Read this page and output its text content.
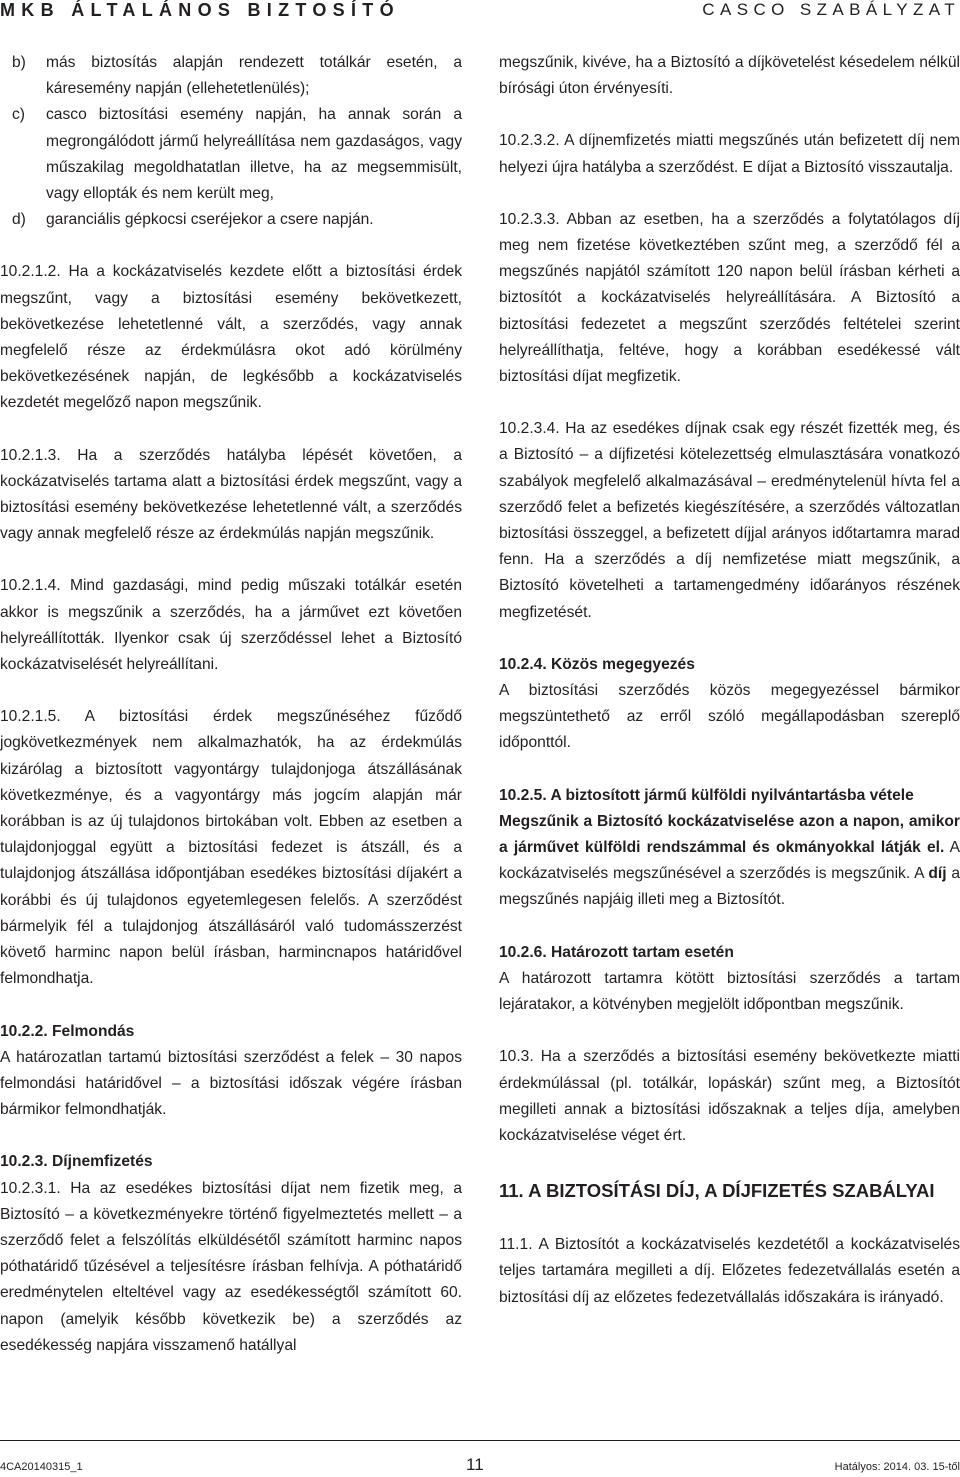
MKB ÁLTALÁNOS BIZTOSÍTÓ	CASCO SZABÁLYZAT
b)	más biztosítás alapján rendezett totálkár esetén, a káresemény napján (ellehetetlenülés);
c)	casco biztosítási esemény napján, ha annak során a megrongálódott jármű helyreállítása nem gazdaságos, vagy műszakilag megoldhatatlan illetve, ha az megsemmisült, vagy ellopták és nem került meg,
d)	garanciális gépkocsi cseréjekor a csere napján.

10.2.1.2. Ha a kockázatviselés kezdete előtt a biztosítási érdek megszűnt, vagy a biztosítási esemény bekövetkezett, bekövetkezése lehetetlenné vált, a szerződés, vagy annak megfelelő része az érdekmúlásra okot adó körülmény bekövetkezésének napján, de legkésőbb a kockázatviselés kezdetét megelőző napon megszűnik.

10.2.1.3. Ha a szerződés hatályba lépését követően, a kockázatviselés tartama alatt a biztosítási érdek megszűnt, vagy a biztosítási esemény bekövetkezése lehetetlenné vált, a szerződés vagy annak megfelelő része az érdekmúlás napján megszűnik.

10.2.1.4. Mind gazdasági, mind pedig műszaki totálkár esetén akkor is megszűnik a szerződés, ha a járművet ezt követően helyreállították. Ilyenkor csak új szerződéssel lehet a Biztosító kockázatviselését helyreállítani.

10.2.1.5. A biztosítási érdek megszűnéséhez fűződő jogkövetkezmények nem alkalmazhatók, ha az érdekmúlás kizárólag a biztosított vagyontárgy tulajdonjoga átszállásának következménye, és a vagyontárgy más jogcím alapján már korábban is az új tulajdonos birtokában volt. Ebben az esetben a tulajdonjoggal együtt a biztosítási fedezet is átszáll, és a tulajdonjog átszállása időpontjában esedékes biztosítási díjakért a korábbi és új tulajdonos egyetemlegesen felelős. A szerződést bármelyik fél a tulajdonjog átszállásáról való tudomásszerzést követő harminc napon belül írásban, harmincnapos határidővel felmondhatja.

10.2.2. Felmondás

A határozatlan tartamú biztosítási szerződést a felek – 30 napos felmondási határidővel – a biztosítási időszak végére írásban bármikor felmondhatják.

10.2.3. Díjnemfizetés

10.2.3.1. Ha az esedékes biztosítási díjat nem fizetik meg, a Biztosító – a következményekre történő figyelmeztetés mellett – a szerződő felet a felszólítás elküldésétől számított harminc napos póthatáridő tűzésével a teljesítésre írásban felhívja. A póthatáridő eredménytelen elteltével vagy az esedékességtől számított 60. napon (amelyik később következik be) a szerződés az esedékesség napjára visszamenő hatállyal

megszűnik, kivéve, ha a Biztosító a díjkövetelést késedelem nélkül bírósági úton érvényesíti.

10.2.3.2. A díjnemfizetés miatti megszűnés után befizetett díj nem helyezi újra hatályba a szerződést. E díjat a Biztosító visszautalja.

10.2.3.3. Abban az esetben, ha a szerződés a folytatólagos díj meg nem fizetése következtében szűnt meg, a szerződő fél a megszűnés napjától számított 120 napon belül írásban kérheti a biztosítót a kockázatviselés helyreállítására. A Biztosító a biztosítási fedezetet a megszűnt szerződés feltételei szerint helyreállíthatja, feltéve, hogy a korábban esedékessé vált biztosítási díjat megfizetik.

10.2.3.4. Ha az esedékes díjnak csak egy részét fizették meg, és a Biztosító – a díjfizetési kötelezettség elmulasztására vonatkozó szabályok megfelelő alkalmazásával – eredménytelenül hívta fel a szerződő felet a befizetés kiegészítésére, a szerződés változatlan biztosítási összeggel, a befizetett díjjal arányos időtartamra marad fenn. Ha a szerződés a díj nemfizetése miatt megszűnik, a Biztosító követelheti a tartamengedmény időarányos részének megfizetését.

10.2.4. Közös megegyezés

A biztosítási szerződés közös megegyezéssel bármikor megszüntethető az erről szóló megállapodásban szereplő időponttól.

10.2.5. A biztosított jármű külföldi nyilvántartásba vétele

Megszűnik a Biztosító kockázatviselése azon a napon, amikor a járművet külföldi rendszámmal és okmányokkal látják el. A kockázatviselés megszűnésével a szerződés is megszűnik. A díj a megszűnés napjáig illeti meg a Biztosítót.

10.2.6. Határozott tartam esetén

A határozott tartamra kötött biztosítási szerződés a tartam lejáratakor, a kötvényben megjelölt időpontban megszűnik.

10.3. Ha a szerződés a biztosítási esemény bekövetkezte miatti érdekmúlással (pl. totálkár, lopáskár) szűnt meg, a Biztosítót megilleti annak a biztosítási időszaknak a teljes díja, amelyben kockázatviselése véget ért.

11. A BIZTOSÍTÁSI DÍJ, A DÍJFIZETÉS SZABÁLYAI

11.1. A Biztosítót a kockázatviselés kezdetétől a kockázatviselés teljes tartamára megilleti a díj. Előzetes fedezetvállalás esetén a biztosítási díj az előzetes fedezetvállalás időszakára is irányadó.

4CA20140315_1	11	Hatályos: 2014. 03. 15-től
